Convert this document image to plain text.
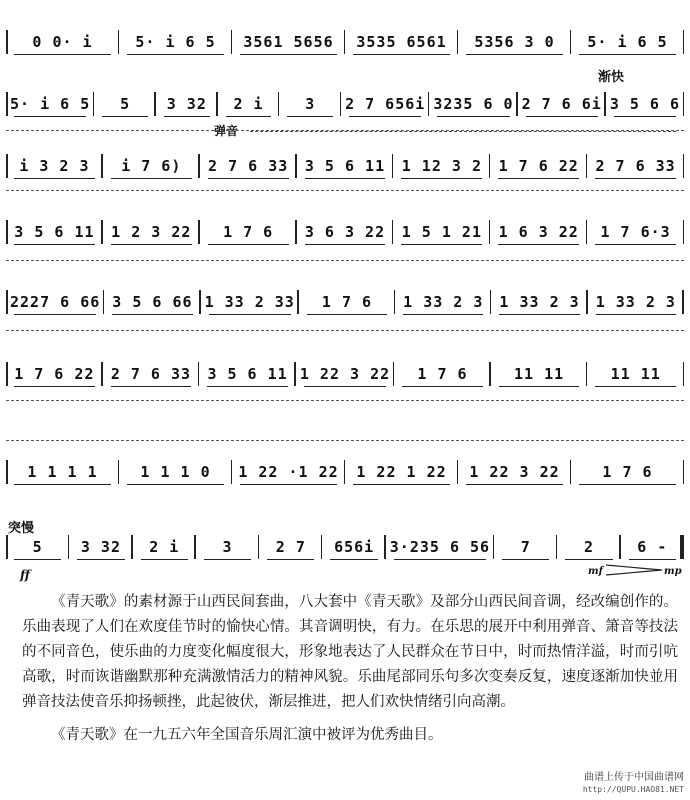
0 0· i	5· i 6 5 3561 5656 3535 6561 5356 3 0 5· i 6 5
5· i 6 5 5 3 32 2 i	3 2 7 656i 3235 6 0 2 7 6 6i 3 5 6 6
i 3 2 3 i 7 6) 2 7 6 33 3 5 6 11 1 12 3 2 1 7 6 22 2 7 6 33
3 5 6 11 1 2 3 22 1 7 6 3 6 3 22 1 5 1 21 1 6 3 22 1 7 6·3
2227 6 66 3 5 6 66 1 33 2 33 1 7 6 1 33 2 3 1 33 2 3 1 33 2 3
1 7 6 22 2 7 6 33 3 5 6 11 1 22 3 22 1 7 6	11 11	11 11
1 1 1 1	1 1 1 0 1 22 ·1 22 1 22 1 22 1 22 3 22	1 7 6
5	3 32 2 i	3	2 7 656i 3·235 6 56 7	2	6 -
渐快
弹音
突慢
ff	mf	mp

《青天歌》的素材源于山西民间套曲，八大套中《青天歌》及部分山西民间音调，经改编创作的。乐曲表现了人们在欢度佳节时的愉快心情。其音调明快，有力。在乐思的展开中利用弹音、箫音等技法的不同音色，使乐曲的力度变化幅度很大，形象地表达了人民群众在节日中，时而热情洋溢，时而引吭高歌，时而诙谐幽默那种充满激情活力的精神风貌。乐曲尾部同乐句多次变奏反复，速度逐渐加快並用弹音技法使音乐抑扬顿挫，此起彼伏，渐层推进，把人们欢快情绪引向高潮。

《青天歌》在一九五六年全国音乐周汇演中被评为优秀曲目。

曲谱上传于中国曲谱网
http://QUPU.HAO81.NET
